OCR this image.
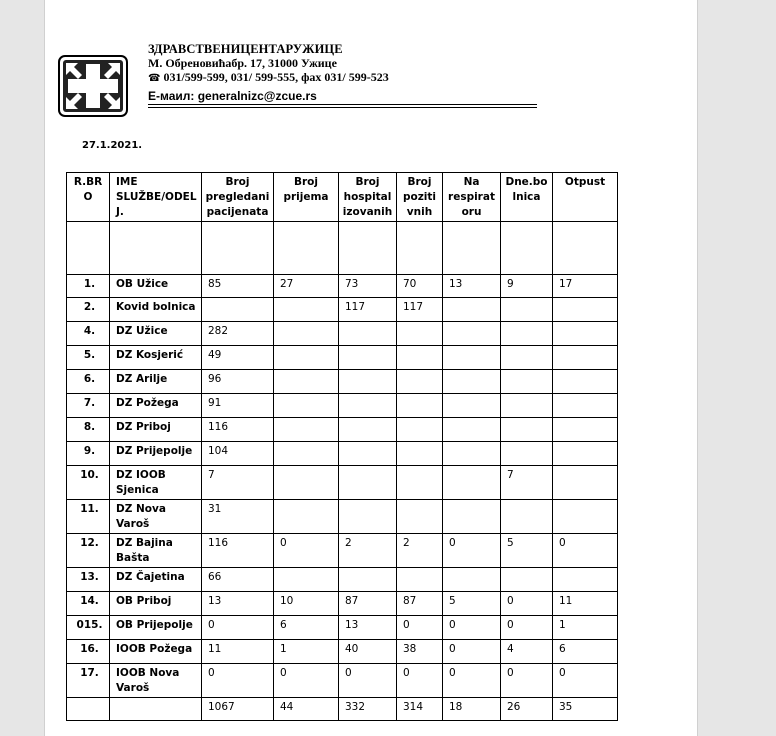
ЗДРАВСТВЕНИЦЕНТАРУЖИЦЕ
М. Обреновићабр. 17, 31000 Ужице
☎ 031/599-599, 031/ 599-555, фах 031/ 599-523
Е-маил: generalnizc@zcue.rs
27.1.2021.
R.BR O	IME SLUŽBE/ODEL J.	Broj pregledani pacijenata	Broj prijema	Broj hospital izovanih	Broj poziti vnih	Na respirat oru	Dne.bo lnica	Otpust

1.	OB Užice	85	27	73	70	13	9	17
2.	Kovid bolnica			117	117			
4.	DZ Užice	282						
5.	DZ Kosjerić	49						
6.	DZ Arilje	96						
7.	DZ Požega	91						
8.	DZ Priboj	116						
9.	DZ Prijepolje	104						
10.	DZ IOOB Sjenica	7					7	
11.	DZ Nova Varoš	31						
12.	DZ Bajina Bašta	116	0	2	2	0	5	0
13.	DZ Čajetina	66						
14.	OB Priboj	13	10	87	87	5	0	11
015.	OB Prijepolje	0	6	13	0	0	0	1
16.	IOOB Požega	11	1	40	38	0	4	6
17.	IOOB Nova Varoš	0	0	0	0	0	0	0
		1067	44	332	314	18	26	35
